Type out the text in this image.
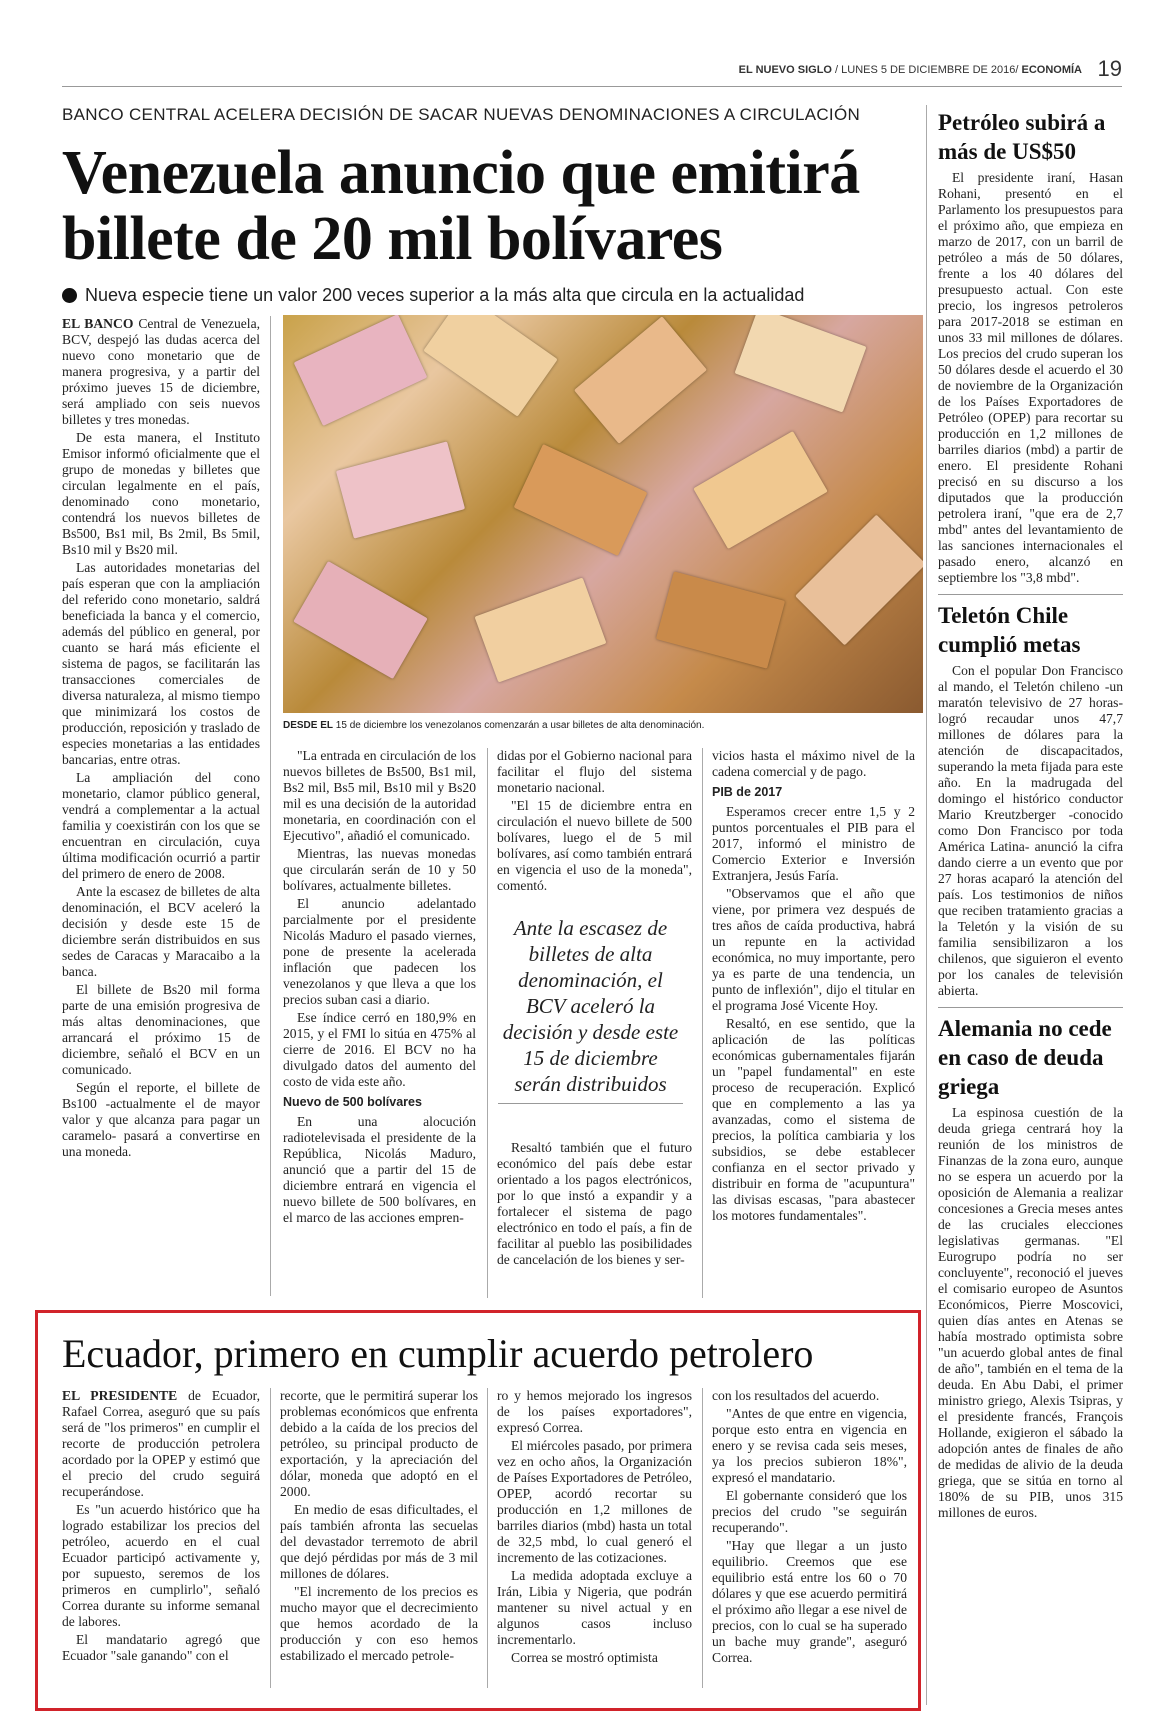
EL NUEVO SIGLO / LUNES 5 DE DICIEMBRE DE 2016/ ECONOMÍA 19
BANCO CENTRAL ACELERA DECISIÓN DE SACAR NUEVAS DENOMINACIONES A CIRCULACIÓN
Venezuela anuncio que emitirá billete de 20 mil bolívares
Nueva especie tiene un valor 200 veces superior a la más alta que circula en la actualidad

EL BANCO Central de Venezuela, BCV, despejó las dudas acerca del nuevo cono monetario que de manera progresiva, y a partir del próximo jueves 15 de diciembre, será ampliado con seis nuevos billetes y tres monedas.

De esta manera, el Instituto Emisor informó oficialmente que el grupo de monedas y billetes que circulan legalmente en el país, denominado cono monetario, contendrá los nuevos billetes de Bs500, Bs1 mil, Bs 2mil, Bs 5mil, Bs10 mil y Bs20 mil.

Las autoridades monetarias del país esperan que con la ampliación del referido cono monetario, saldrá beneficiada la banca y el comercio, además del público en general, por cuanto se hará más eficiente el sistema de pagos, se facilitarán las transacciones comerciales de diversa naturaleza, al mismo tiempo que minimizará los costos de producción, reposición y traslado de especies monetarias a las entidades bancarias, entre otras.

La ampliación del cono monetario, clamor público general, vendrá a complementar a la actual familia y coexistirán con los que se encuentran en circulación, cuya última modificación ocurrió a partir del primero de enero de 2008.

Ante la escasez de billetes de alta denominación, el BCV aceleró la decisión y desde este 15 de diciembre serán distribuidos en sus sedes de Caracas y Maracaibo a la banca.

El billete de Bs20 mil forma parte de una emisión progresiva de más altas denominaciones, que arrancará el próximo 15 de diciembre, señaló el BCV en un comunicado.

Según el reporte, el billete de Bs100 -actualmente el de mayor valor y que alcanza para pagar un caramelo- pasará a convertirse en una moneda.

DESDE EL 15 de diciembre los venezolanos comenzarán a usar billetes de alta denominación.

"La entrada en circulación de los nuevos billetes de Bs500, Bs1 mil, Bs2 mil, Bs5 mil, Bs10 mil y Bs20 mil es una decisión de la autoridad monetaria, en coordinación con el Ejecutivo", añadió el comunicado.

Mientras, las nuevas monedas que circularán serán de 10 y 50 bolívares, actualmente billetes.

El anuncio adelantado parcialmente por el presidente Nicolás Maduro el pasado viernes, pone de presente la acelerada inflación que padecen los venezolanos y que lleva a que los precios suban casi a diario.

Ese índice cerró en 180,9% en 2015, y el FMI lo sitúa en 475% al cierre de 2016. El BCV no ha divulgado datos del aumento del costo de vida este año.

Nuevo de 500 bolívares

En una alocución radiotelevisada el presidente de la República, Nicolás Maduro, anunció que a partir del 15 de diciembre entrará en vigencia el nuevo billete de 500 bolívares, en el marco de las acciones empren-

didas por el Gobierno nacional para facilitar el flujo del sistema monetario nacional.

"El 15 de diciembre entra en circulación el nuevo billete de 500 bolívares, luego el de 5 mil bolívares, así como también entrará en vigencia el uso de la moneda", comentó.

Ante la escasez de billetes de alta denominación, el BCV aceleró la decisión y desde este 15 de diciembre serán distribuidos

Resaltó también que el futuro económico del país debe estar orientado a los pagos electrónicos, por lo que instó a expandir y a fortalecer el sistema de pago electrónico en todo el país, a fin de facilitar al pueblo las posibilidades de cancelación de los bienes y ser-

vicios hasta el máximo nivel de la cadena comercial y de pago.

PIB de 2017

Esperamos crecer entre 1,5 y 2 puntos porcentuales el PIB para el 2017, informó el ministro de Comercio Exterior e Inversión Extranjera, Jesús Faría.

"Observamos que el año que viene, por primera vez después de tres años de caída productiva, habrá un repunte en la actividad económica, no muy importante, pero ya es parte de una tendencia, un punto de inflexión", dijo el titular en el programa José Vicente Hoy.

Resaltó, en ese sentido, que la aplicación de las políticas económicas gubernamentales fijarán un "papel fundamental" en este proceso de recuperación. Explicó que en complemento a las ya avanzadas, como el sistema de precios, la política cambiaria y los subsidios, se debe establecer confianza en el sector privado y distribuir en forma de "acupuntura" las divisas escasas, "para abastecer los motores fundamentales".

Petróleo subirá a más de US$50

El presidente iraní, Hasan Rohani, presentó en el Parlamento los presupuestos para el próximo año, que empieza en marzo de 2017, con un barril de petróleo a más de 50 dólares, frente a los 40 dólares del presupuesto actual. Con este precio, los ingresos petroleros para 2017-2018 se estiman en unos 33 mil millones de dólares. Los precios del crudo superan los 50 dólares desde el acuerdo el 30 de noviembre de la Organización de los Países Exportadores de Petróleo (OPEP) para recortar su producción en 1,2 millones de barriles diarios (mbd) a partir de enero. El presidente Rohani precisó en su discurso a los diputados que la producción petrolera iraní, "que era de 2,7 mbd" antes del levantamiento de las sanciones internacionales el pasado enero, alcanzó en septiembre los "3,8 mbd".

Teletón Chile cumplió metas

Con el popular Don Francisco al mando, el Teletón chileno -un maratón televisivo de 27 horas- logró recaudar unos 47,7 millones de dólares para la atención de discapacitados, superando la meta fijada para este año. En la madrugada del domingo el histórico conductor Mario Kreutzberger -conocido como Don Francisco por toda América Latina- anunció la cifra dando cierre a un evento que por 27 horas acaparó la atención del país. Los testimonios de niños que reciben tratamiento gracias a la Teletón y la visión de su familia sensibilizaron a los chilenos, que siguieron el evento por los canales de televisión abierta.

Alemania no cede en caso de deuda griega

La espinosa cuestión de la deuda griega centrará hoy la reunión de los ministros de Finanzas de la zona euro, aunque no se espera un acuerdo por la oposición de Alemania a realizar concesiones a Grecia meses antes de las cruciales elecciones legislativas germanas. "El Eurogrupo podría no ser concluyente", reconoció el jueves el comisario europeo de Asuntos Económicos, Pierre Moscovici, quien días antes en Atenas se había mostrado optimista sobre "un acuerdo global antes de final de año", también en el tema de la deuda. En Abu Dabi, el primer ministro griego, Alexis Tsipras, y el presidente francés, François Hollande, exigieron el sábado la adopción antes de finales de año de medidas de alivio de la deuda griega, que se sitúa en torno al 180% de su PIB, unos 315 millones de euros.

Ecuador, primero en cumplir acuerdo petrolero

EL PRESIDENTE de Ecuador, Rafael Correa, aseguró que su país será de "los primeros" en cumplir el recorte de producción petrolera acordado por la OPEP y estimó que el precio del crudo seguirá recuperándose.

Es "un acuerdo histórico que ha logrado estabilizar los precios del petróleo, acuerdo en el cual Ecuador participó activamente y, por supuesto, seremos de los primeros en cumplirlo", señaló Correa durante su informe semanal de labores.

El mandatario agregó que Ecuador "sale ganando" con el

recorte, que le permitirá superar los problemas económicos que enfrenta debido a la caída de los precios del petróleo, su principal producto de exportación, y la apreciación del dólar, moneda que adoptó en el 2000.

En medio de esas dificultades, el país también afronta las secuelas del devastador terremoto de abril que dejó pérdidas por más de 3 mil millones de dólares.

"El incremento de los precios es mucho mayor que el decrecimiento que hemos acordado de la producción y con eso hemos estabilizado el mercado petrole-

ro y hemos mejorado los ingresos de los países exportadores", expresó Correa.

El miércoles pasado, por primera vez en ocho años, la Organización de Países Exportadores de Petróleo, OPEP, acordó recortar su producción en 1,2 millones de barriles diarios (mbd) hasta un total de 32,5 mbd, lo cual generó el incremento de las cotizaciones.

La medida adoptada excluye a Irán, Libia y Nigeria, que podrán mantener su nivel actual y en algunos casos incluso incrementarlo.

Correa se mostró optimista

con los resultados del acuerdo.

"Antes de que entre en vigencia, porque esto entra en vigencia en enero y se revisa cada seis meses, ya los precios subieron 18%", expresó el mandatario.

El gobernante consideró que los precios del crudo "se seguirán recuperando".

"Hay que llegar a un justo equilibrio. Creemos que ese equilibrio está entre los 60 o 70 dólares y que ese acuerdo permitirá el próximo año llegar a ese nivel de precios, con lo cual se ha superado un bache muy grande", aseguró Correa.
